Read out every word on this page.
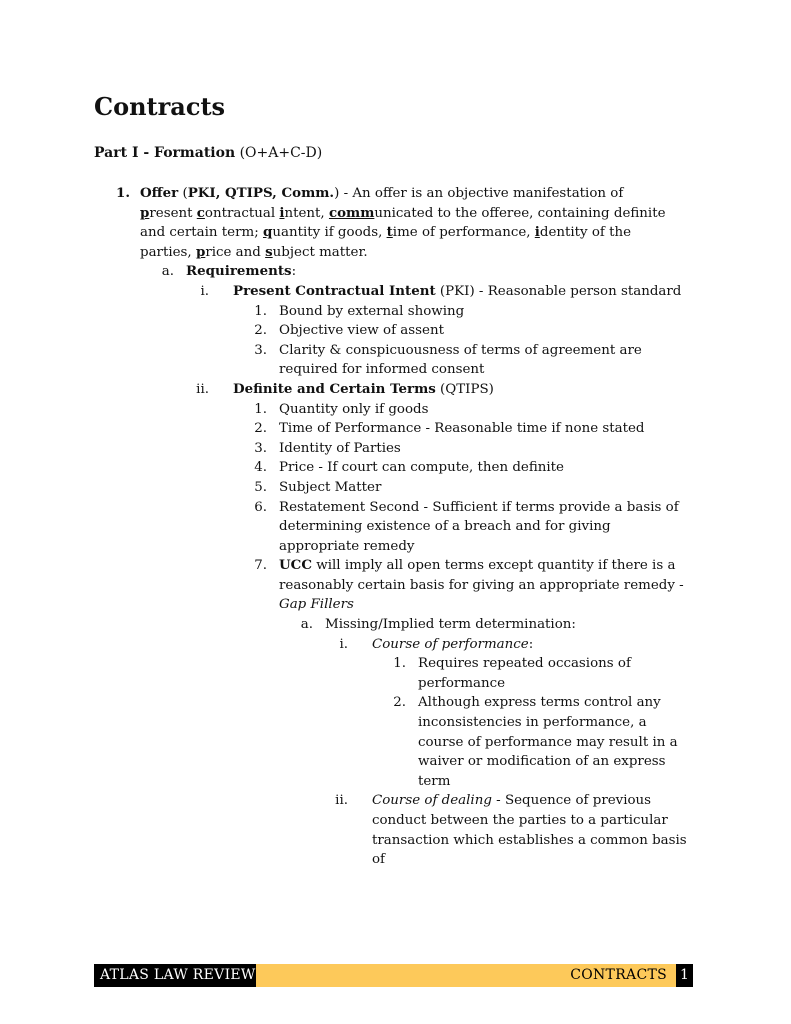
Contracts
Part I - Formation (O+A+C-D)
1. Offer (PKI, QTIPS, Comm.) - An offer is an objective manifestation of present contractual intent, communicated to the offeree, containing definite and certain term; quantity if goods, time of performance, identity of the parties, price and subject matter.
a. Requirements:
i. Present Contractual Intent (PKI) - Reasonable person standard
1. Bound by external showing
2. Objective view of assent
3. Clarity & conspicuousness of terms of agreement are required for informed consent
ii. Definite and Certain Terms (QTIPS)
1. Quantity only if goods
2. Time of Performance - Reasonable time if none stated
3. Identity of Parties
4. Price - If court can compute, then definite
5. Subject Matter
6. Restatement Second - Sufficient if terms provide a basis of determining existence of a breach and for giving appropriate remedy
7. UCC will imply all open terms except quantity if there is a reasonably certain basis for giving an appropriate remedy - Gap Fillers
a. Missing/Implied term determination:
i. Course of performance:
1. Requires repeated occasions of performance
2. Although express terms control any inconsistencies in performance, a course of performance may result in a waiver or modification of an express term
ii. Course of dealing - Sequence of previous conduct between the parties to a particular transaction which establishes a common basis of
ATLAS LAW REVIEW	CONTRACTS 1
